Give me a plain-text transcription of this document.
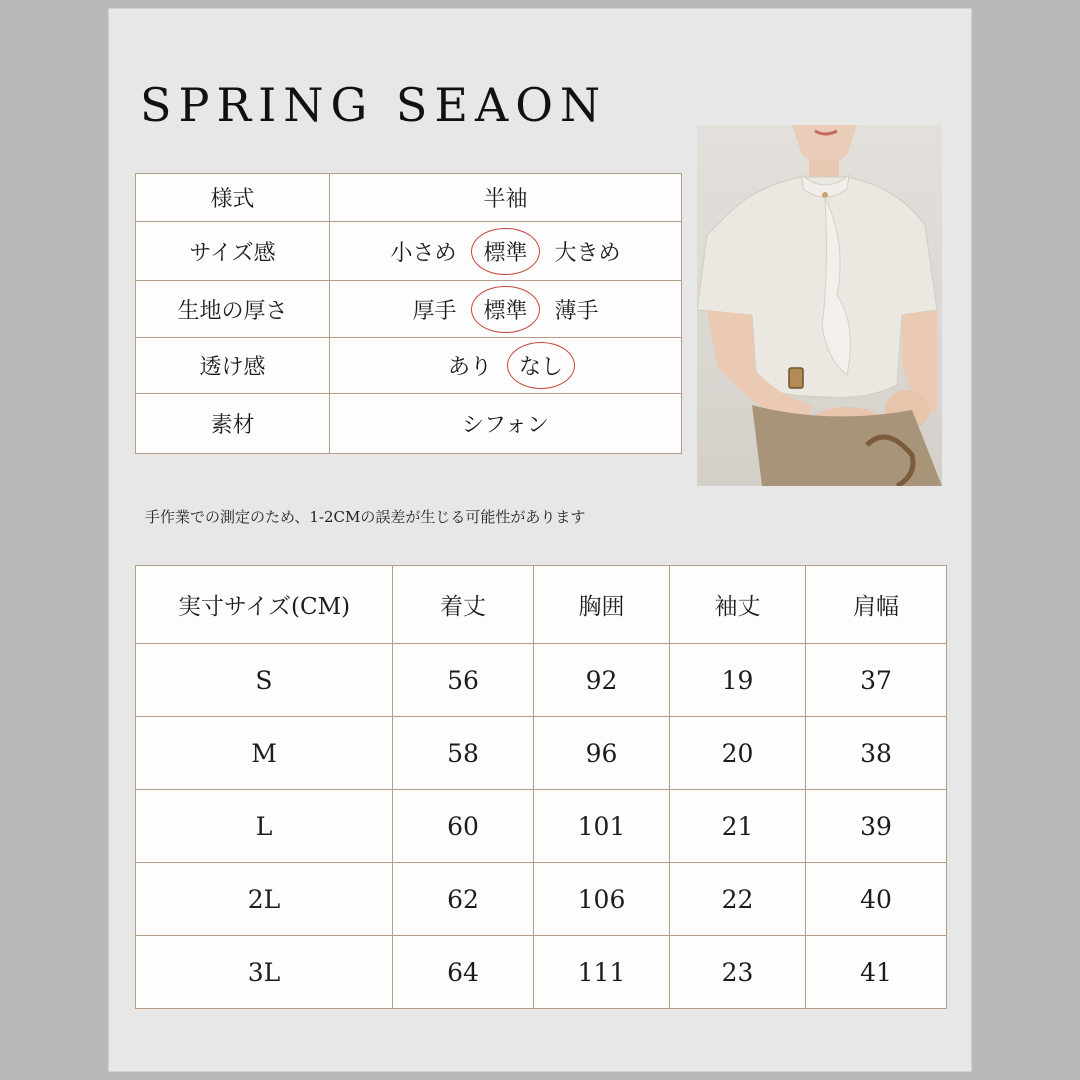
SPRING SEAON
様式	半袖
サイズ感	小さめ 標準 大きめ
生地の厚さ	厚手 標準 薄手
透け感	あり なし
素材	シフォン

手作業での測定のため、1-2CMの誤差が生じる可能性があります

実寸サイズ(CM)	着丈	胸囲	袖丈	肩幅
S	56	92	19	37
M	58	96	20	38
L	60	101	21	39
2L	62	106	22	40
3L	64	111	23	41
